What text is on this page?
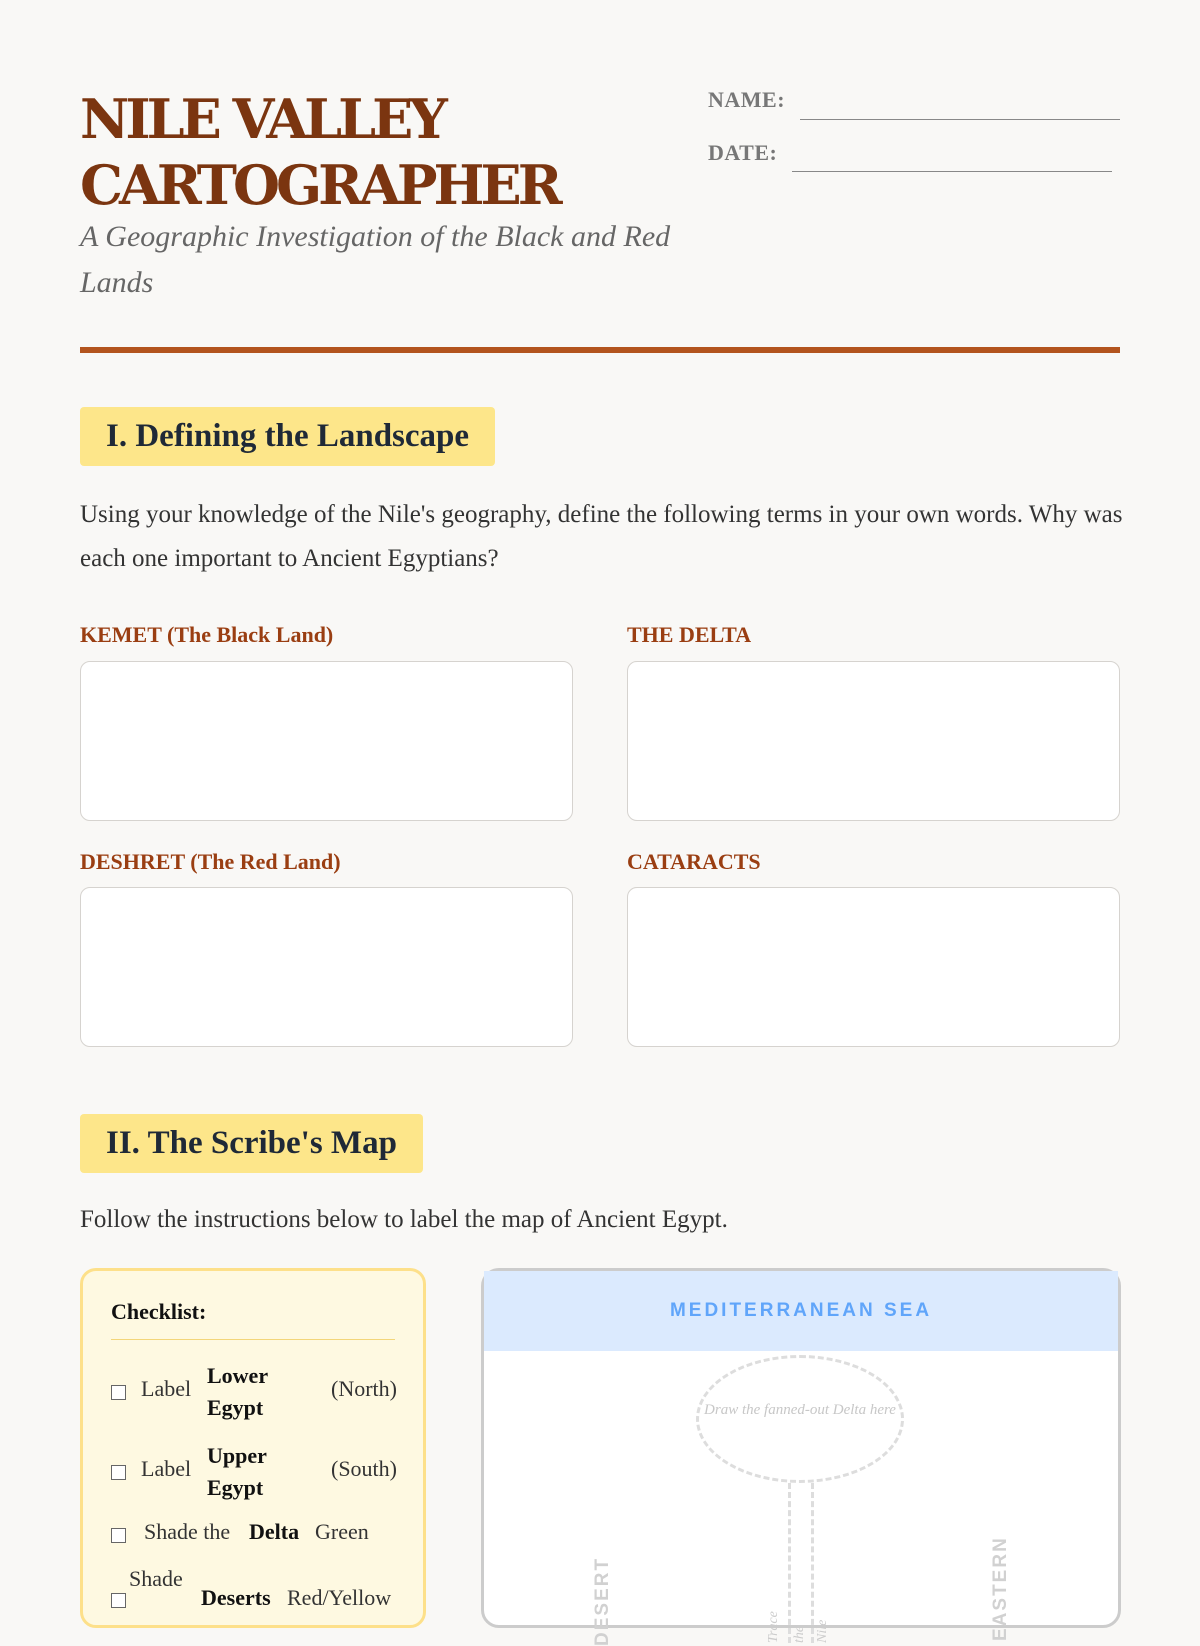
NILE VALLEY
CARTOGRAPHER

A Geographic Investigation of the Black and Red Lands

NAME:
DATE:
I. Defining the Landscape

Using your knowledge of the Nile's geography, define the following terms in your own words. Why was each one important to Ancient Egyptians?

KEMET (The Black Land)	THE DELTA
DESHRET (The Red Land)	CATARACTS
II. The Scribe's Map

Follow the instructions below to label the map of Ancient Egypt.

Checklist:
Label
Lower Egypt
(North)
Label
Upper Egypt
(South)
Shade the Delta Green
Shade
Deserts Red/Yellow
MEDITERRANEAN SEA
Draw the fanned-out Delta here
Trace the Nile
DESERT	EASTERN
